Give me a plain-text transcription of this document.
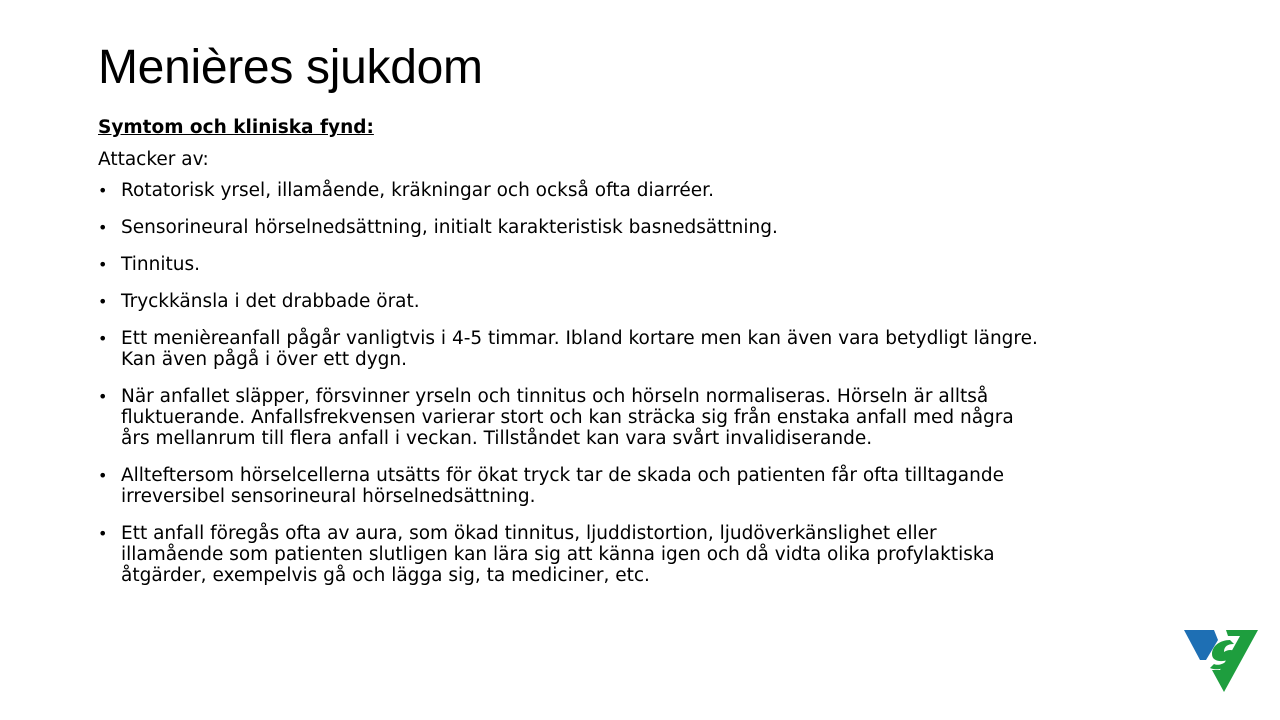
Menières sjukdom

Symtom och kliniska fynd:

Attacker av:

• Rotatorisk yrsel, illamående, kräkningar och också ofta diarréer.
• Sensorineural hörselnedsättning, initialt karakteristisk basnedsättning.
• Tinnitus.
• Tryckkänsla i det drabbade örat.
• Ett menièreanfall pågår vanligtvis i 4-5 timmar. Ibland kortare men kan även vara betydligt längre.
Kan även pågå i över ett dygn.
• När anfallet släpper, försvinner yrseln och tinnitus och hörseln normaliseras. Hörseln är alltså
fluktuerande. Anfallsfrekvensen varierar stort och kan sträcka sig från enstaka anfall med några
års mellanrum till flera anfall i veckan. Tillståndet kan vara svårt invalidiserande.
• Allteftersom hörselcellerna utsätts för ökat tryck tar de skada och patienten får ofta tilltagande
irreversibel sensorineural hörselnedsättning.
• Ett anfall föregås ofta av aura, som ökad tinnitus, ljuddistortion, ljudöverkänslighet eller
illamående som patienten slutligen kan lära sig att känna igen och då vidta olika profylaktiska
åtgärder, exempelvis gå och lägga sig, ta mediciner, etc.
